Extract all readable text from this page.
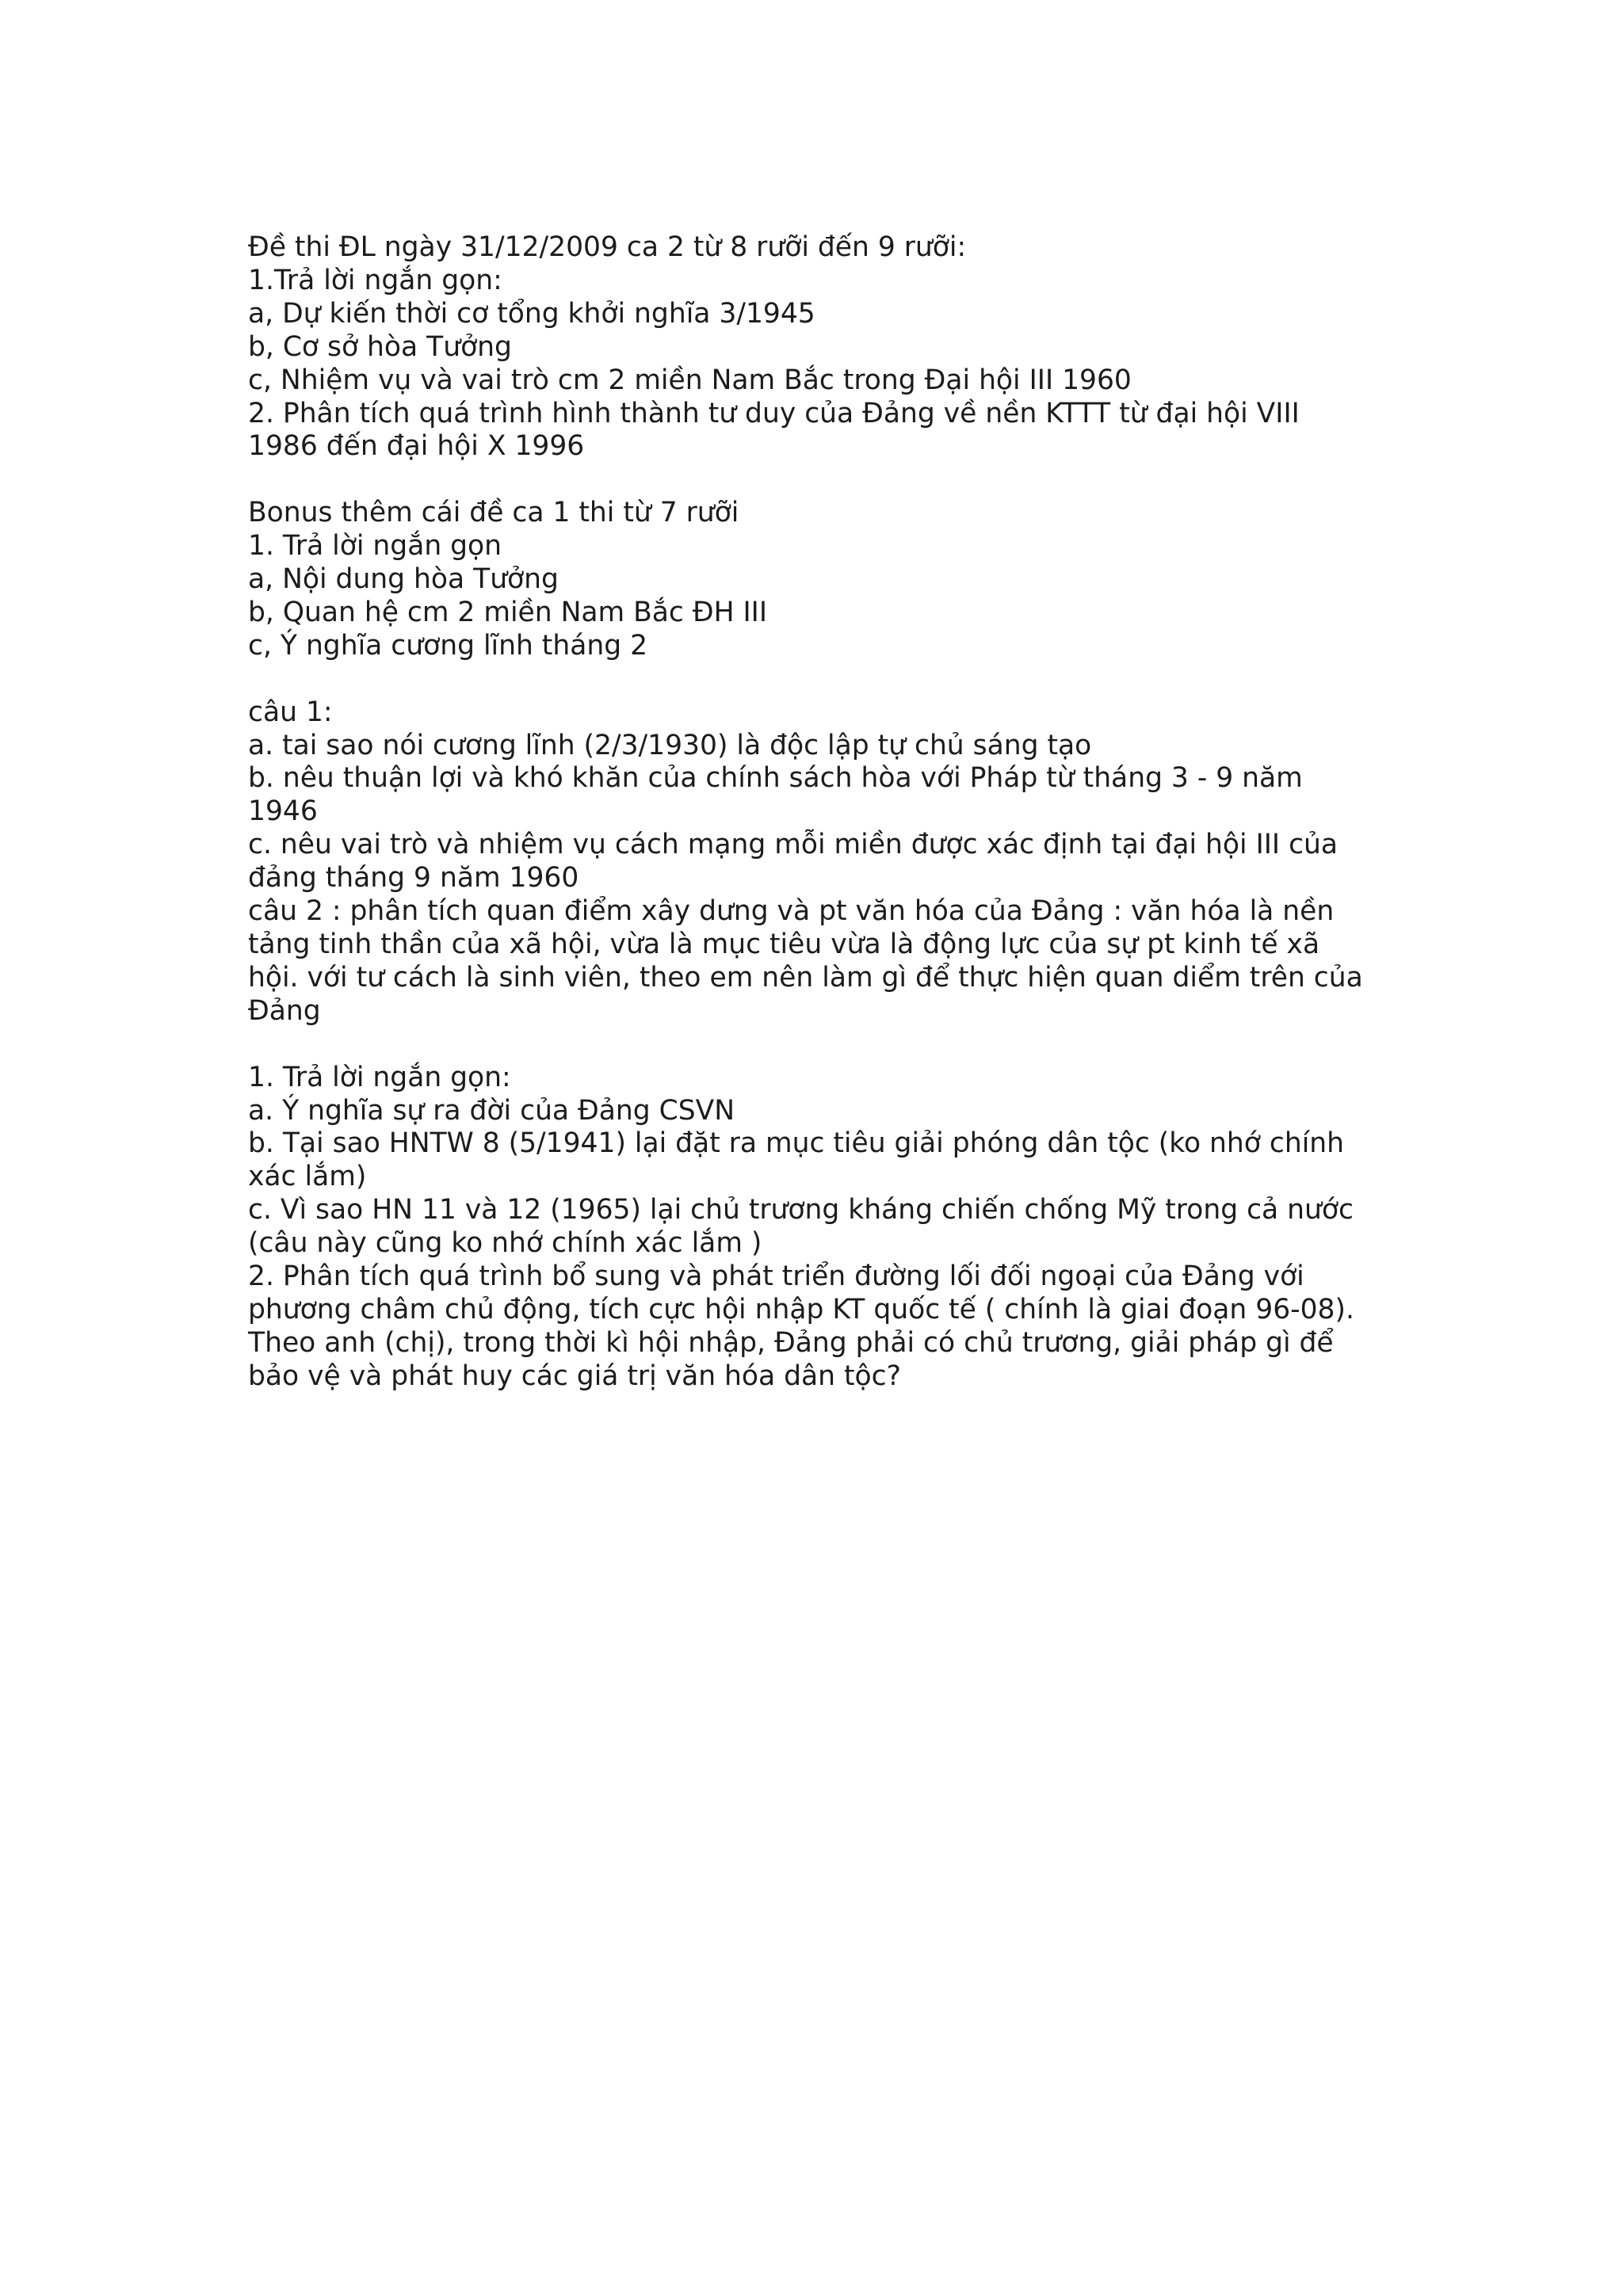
Đề thi ĐL ngày 31/12/2009 ca 2 từ 8 rưỡi đến 9 rưỡi:
1.Trả lời ngắn gọn:
a, Dự kiến thời cơ tổng khởi nghĩa 3/1945
b, Cơ sở hòa Tưởng
c, Nhiệm vụ và vai trò cm 2 miền Nam Bắc trong Đại hội III 1960
2. Phân tích quá trình hình thành tư duy của Đảng về nền KTTT từ đại hội VIII
1986 đến đại hội X 1996
Bonus thêm cái đề ca 1 thi từ 7 rưỡi
1. Trả lời ngắn gọn
a, Nội dung hòa Tưởng
b, Quan hệ cm 2 miền Nam Bắc ĐH III
c, Ý nghĩa cương lĩnh tháng 2
câu 1:
a. tai sao nói cương lĩnh (2/3/1930) là độc lập tự chủ sáng tạo
b. nêu thuận lợi và khó khăn của chính sách hòa với Pháp từ tháng 3 - 9 năm
1946
c. nêu vai trò và nhiệm vụ cách mạng mỗi miền được xác định tại đại hội III của
đảng tháng 9 năm 1960
câu 2 : phân tích quan điểm xây dưng và pt văn hóa của Đảng : văn hóa là nền
tảng tinh thần của xã hội, vừa là mục tiêu vừa là động lực của sự pt kinh tế xã
hội. với tư cách là sinh viên, theo em nên làm gì để thực hiện quan diểm trên của
Đảng
1. Trả lời ngắn gọn:
a. Ý nghĩa sự ra đời của Đảng CSVN
b. Tại sao HNTW 8 (5/1941) lại đặt ra mục tiêu giải phóng dân tộc (ko nhớ chính
xác lắm)
c. Vì sao HN 11 và 12 (1965) lại chủ trương kháng chiến chống Mỹ trong cả nước
(câu này cũng ko nhớ chính xác lắm )
2. Phân tích quá trình bổ sung và phát triển đường lối đối ngoại của Đảng với
phương châm chủ động, tích cực hội nhập KT quốc tế ( chính là giai đoạn 96-08).
Theo anh (chị), trong thời kì hội nhập, Đảng phải có chủ trương, giải pháp gì để
bảo vệ và phát huy các giá trị văn hóa dân tộc?
